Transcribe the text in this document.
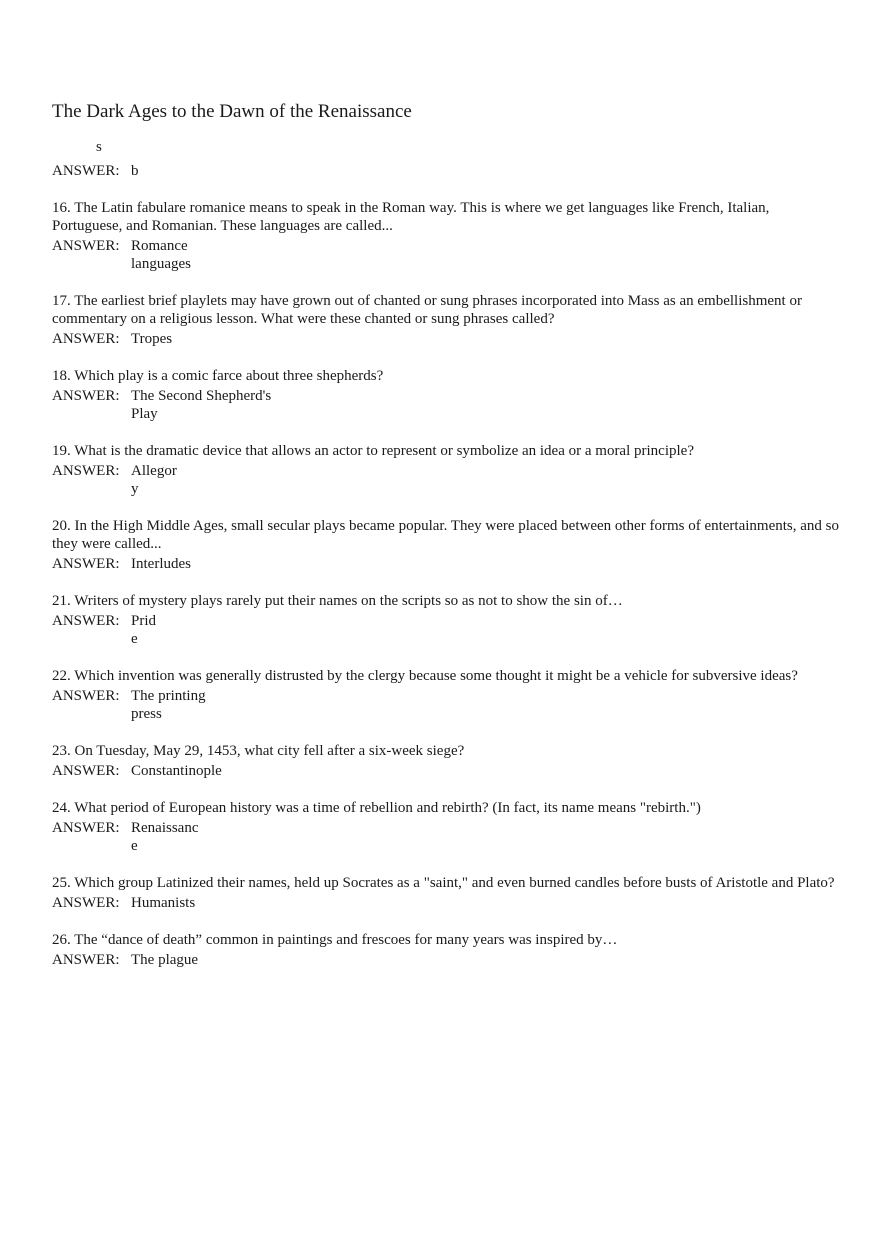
The Dark Ages to the Dawn of the Renaissance
s
ANSWER: b

16. The Latin fabulare romanice means to speak in the Roman way. This is where we get languages like French, Italian, Portuguese, and Romanian. These languages are called...

ANSWER: Romance
languages

17. The earliest brief playlets may have grown out of chanted or sung phrases incorporated into Mass as an embellishment or commentary on a religious lesson. What were these chanted or sung phrases called?

ANSWER: Tropes

18. Which play is a comic farce about three shepherds?

ANSWER: The Second Shepherd's
Play

19. What is the dramatic device that allows an actor to represent or symbolize an idea or a moral principle?

ANSWER: Allegor
y

20. In the High Middle Ages, small secular plays became popular. They were placed between other forms of entertainments, and so they were called...

ANSWER: Interludes

21. Writers of mystery plays rarely put their names on the scripts so as not to show the sin of…

ANSWER: Prid
e

22. Which invention was generally distrusted by the clergy because some thought it might be a vehicle for subversive ideas?

ANSWER: The printing
press

23. On Tuesday, May 29, 1453, what city fell after a six-week siege?

ANSWER: Constantinople

24. What period of European history was a time of rebellion and rebirth? (In fact, its name means "rebirth.")

ANSWER: Renaissanc
e

25. Which group Latinized their names, held up Socrates as a "saint," and even burned candles before busts of Aristotle and Plato?

ANSWER: Humanists

26. The “dance of death” common in paintings and frescoes for many years was inspired by…

ANSWER: The plague
